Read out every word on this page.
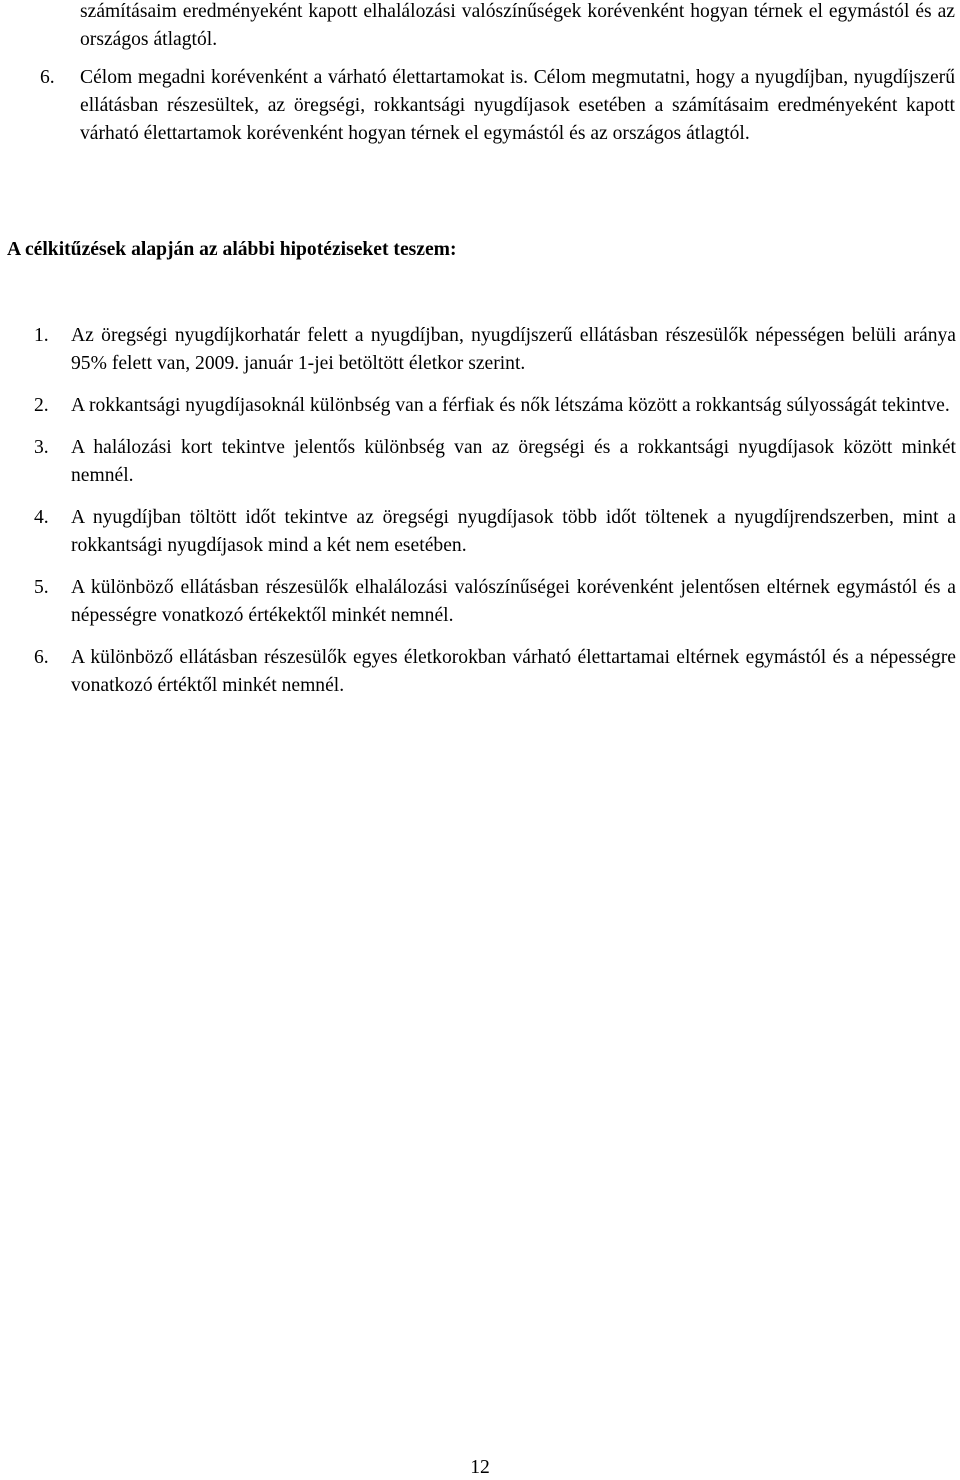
számításaim eredményeként kapott elhalálozási valószínűségek korévenként hogyan térnek el egymástól és az országos átlagtól.

6.	Célom megadni korévenként a várható élettartamokat is. Célom megmutatni, hogy a nyugdíjban, nyugdíjszerű ellátásban részesültek, az öregségi, rokkantsági nyugdíjasok esetében a számításaim eredményeként kapott várható élettartamok korévenként hogyan térnek el egymástól és az országos átlagtól.
A célkitűzések alapján az alábbi hipotéziseket teszem:
1. Az öregségi nyugdíjkorhatár felett a nyugdíjban, nyugdíjszerű ellátásban részesülők népességen belüli aránya 95% felett van, 2009. január 1-jei betöltött életkor szerint.
2. A rokkantsági nyugdíjasoknál különbség van a férfiak és nők létszáma között a rokkantság súlyosságát tekintve.
3. A halálozási kort tekintve jelentős különbség van az öregségi és a rokkantsági nyugdíjasok között minkét nemnél.
4. A nyugdíjban töltött időt tekintve az öregségi nyugdíjasok több időt töltenek a nyugdíjrendszerben, mint a rokkantsági nyugdíjasok mind a két nem esetében.
5. A különböző ellátásban részesülők elhalálozási valószínűségei korévenként jelentősen eltérnek egymástól és a népességre vonatkozó értékektől minkét nemnél.
6. A különböző ellátásban részesülők egyes életkorokban várható élettartamai eltérnek egymástól és a népességre vonatkozó értéktől minkét nemnél.
12
